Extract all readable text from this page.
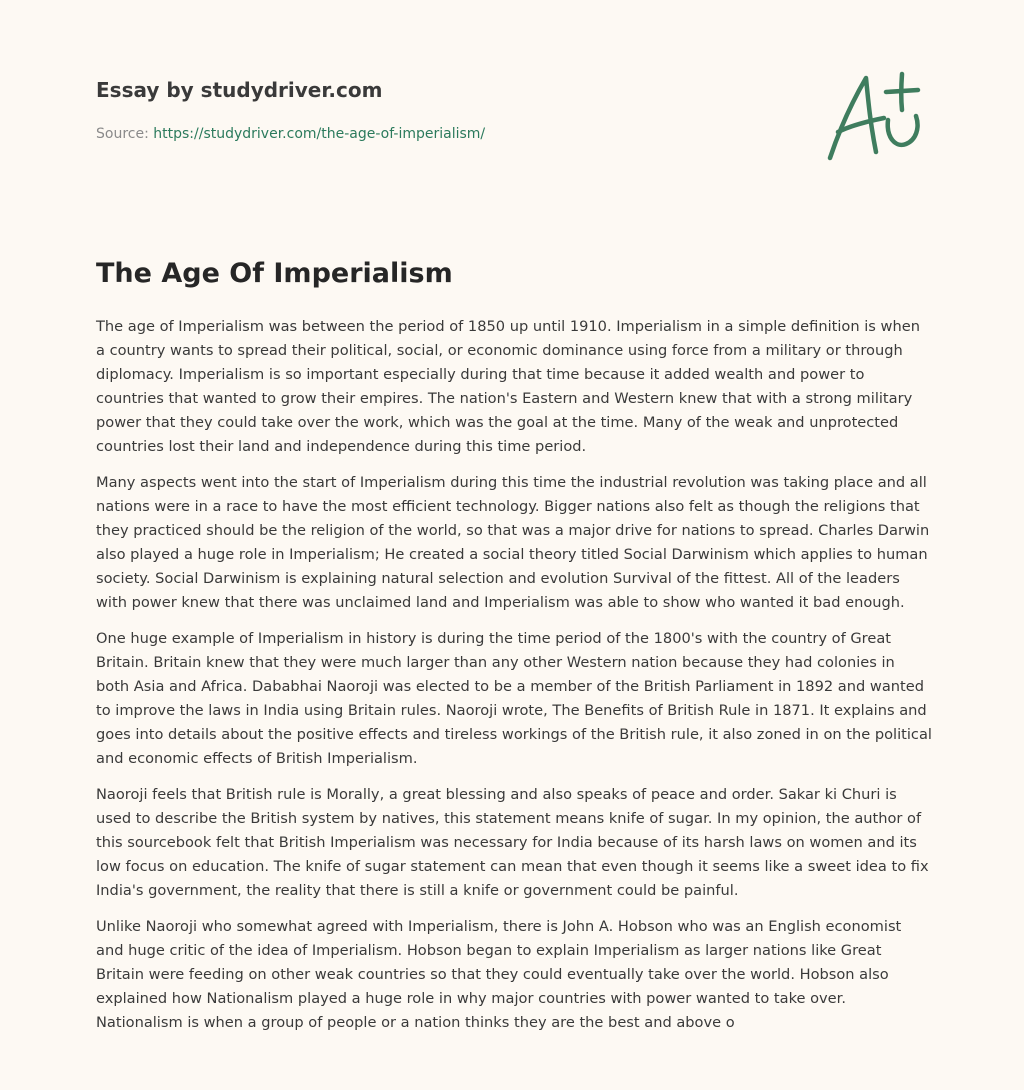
Essay by studydriver.com
Source: https://studydriver.com/the-age-of-imperialism/
The Age Of Imperialism

The age of Imperialism was between the period of 1850 up until 1910. Imperialism in a simple definition is when a country wants to spread their political, social, or economic dominance using force from a military or through diplomacy. Imperialism is so important especially during that time because it added wealth and power to countries that wanted to grow their empires. The nation's Eastern and Western knew that with a strong military power that they could take over the work, which was the goal at the time. Many of the weak and unprotected countries lost their land and independence during this time period.

Many aspects went into the start of Imperialism during this time the industrial revolution was taking place and all nations were in a race to have the most efficient technology. Bigger nations also felt as though the religions that they practiced should be the religion of the world, so that was a major drive for nations to spread. Charles Darwin also played a huge role in Imperialism; He created a social theory titled Social Darwinism which applies to human society. Social Darwinism is explaining natural selection and evolution Survival of the fittest. All of the leaders with power knew that there was unclaimed land and Imperialism was able to show who wanted it bad enough.

One huge example of Imperialism in history is during the time period of the 1800's with the country of Great Britain. Britain knew that they were much larger than any other Western nation because they had colonies in both Asia and Africa. Dababhai Naoroji was elected to be a member of the British Parliament in 1892 and wanted to improve the laws in India using Britain rules. Naoroji wrote, The Benefits of British Rule in 1871. It explains and goes into details about the positive effects and tireless workings of the British rule, it also zoned in on the political and economic effects of British Imperialism.

Naoroji feels that British rule is Morally, a great blessing and also speaks of peace and order. Sakar ki Churi is used to describe the British system by natives, this statement means knife of sugar. In my opinion, the author of this sourcebook felt that British Imperialism was necessary for India because of its harsh laws on women and its low focus on education. The knife of sugar statement can mean that even though it seems like a sweet idea to fix India's government, the reality that there is still a knife or government could be painful.

Unlike Naoroji who somewhat agreed with Imperialism, there is John A. Hobson who was an English economist and huge critic of the idea of Imperialism. Hobson began to explain Imperialism as larger nations like Great Britain were feeding on other weak countries so that they could eventually take over the world. Hobson also explained how Nationalism played a huge role in why major countries with power wanted to take over. Nationalism is when a group of people or a nation thinks they are the best and above o
